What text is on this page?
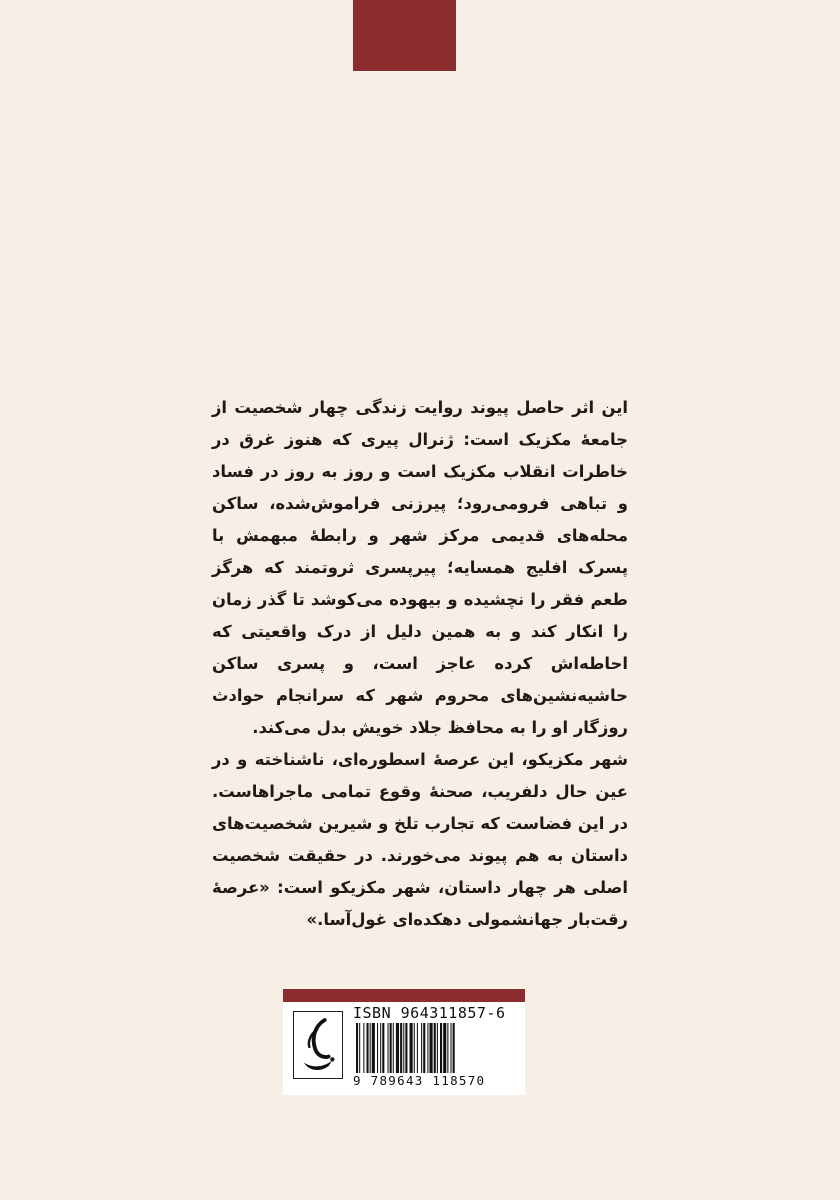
این اثر حاصل پیوند روایت زندگی چهار شخصیت از جامعهٔ مکزیک است: ژنرال پیری که هنوز غرق در خاطرات انقلاب مکزیک است و روز به روز در فساد و تباهی فرومی‌رود؛ پیرزنی فراموش‌شده، ساکن محله‌های قدیمی مرکز شهر و رابطهٔ مبهمش با پسرک افلیج همسایه؛ پیرپسری ثروتمند که هرگز طعم فقر را نچشیده و بیهوده می‌کوشد تا گذر زمان را انکار کند و به همین دلیل از درک واقعیتی که احاطه‌اش کرده عاجز است، و پسری ساکن حاشیه‌نشین‌های محروم شهر که سرانجام حوادث روزگار او را به محافظ جلاد خویش بدل می‌کند.

شهر مکزیکو، این عرصهٔ اسطوره‌ای، ناشناخته و در عین حال دلفریب، صحنهٔ وقوع تمامی ماجراهاست. در این فضاست که تجارب تلخ و شیرین شخصیت‌های داستان به هم پیوند می‌خورند. در حقیقت شخصیت اصلی هر چهار داستان، شهر مکزیکو است: «عرصهٔ رقت‌بار جهانشمولی دهکده‌ای غول‌آسا.»

ISBN 964311857-6
9 789643 118570
